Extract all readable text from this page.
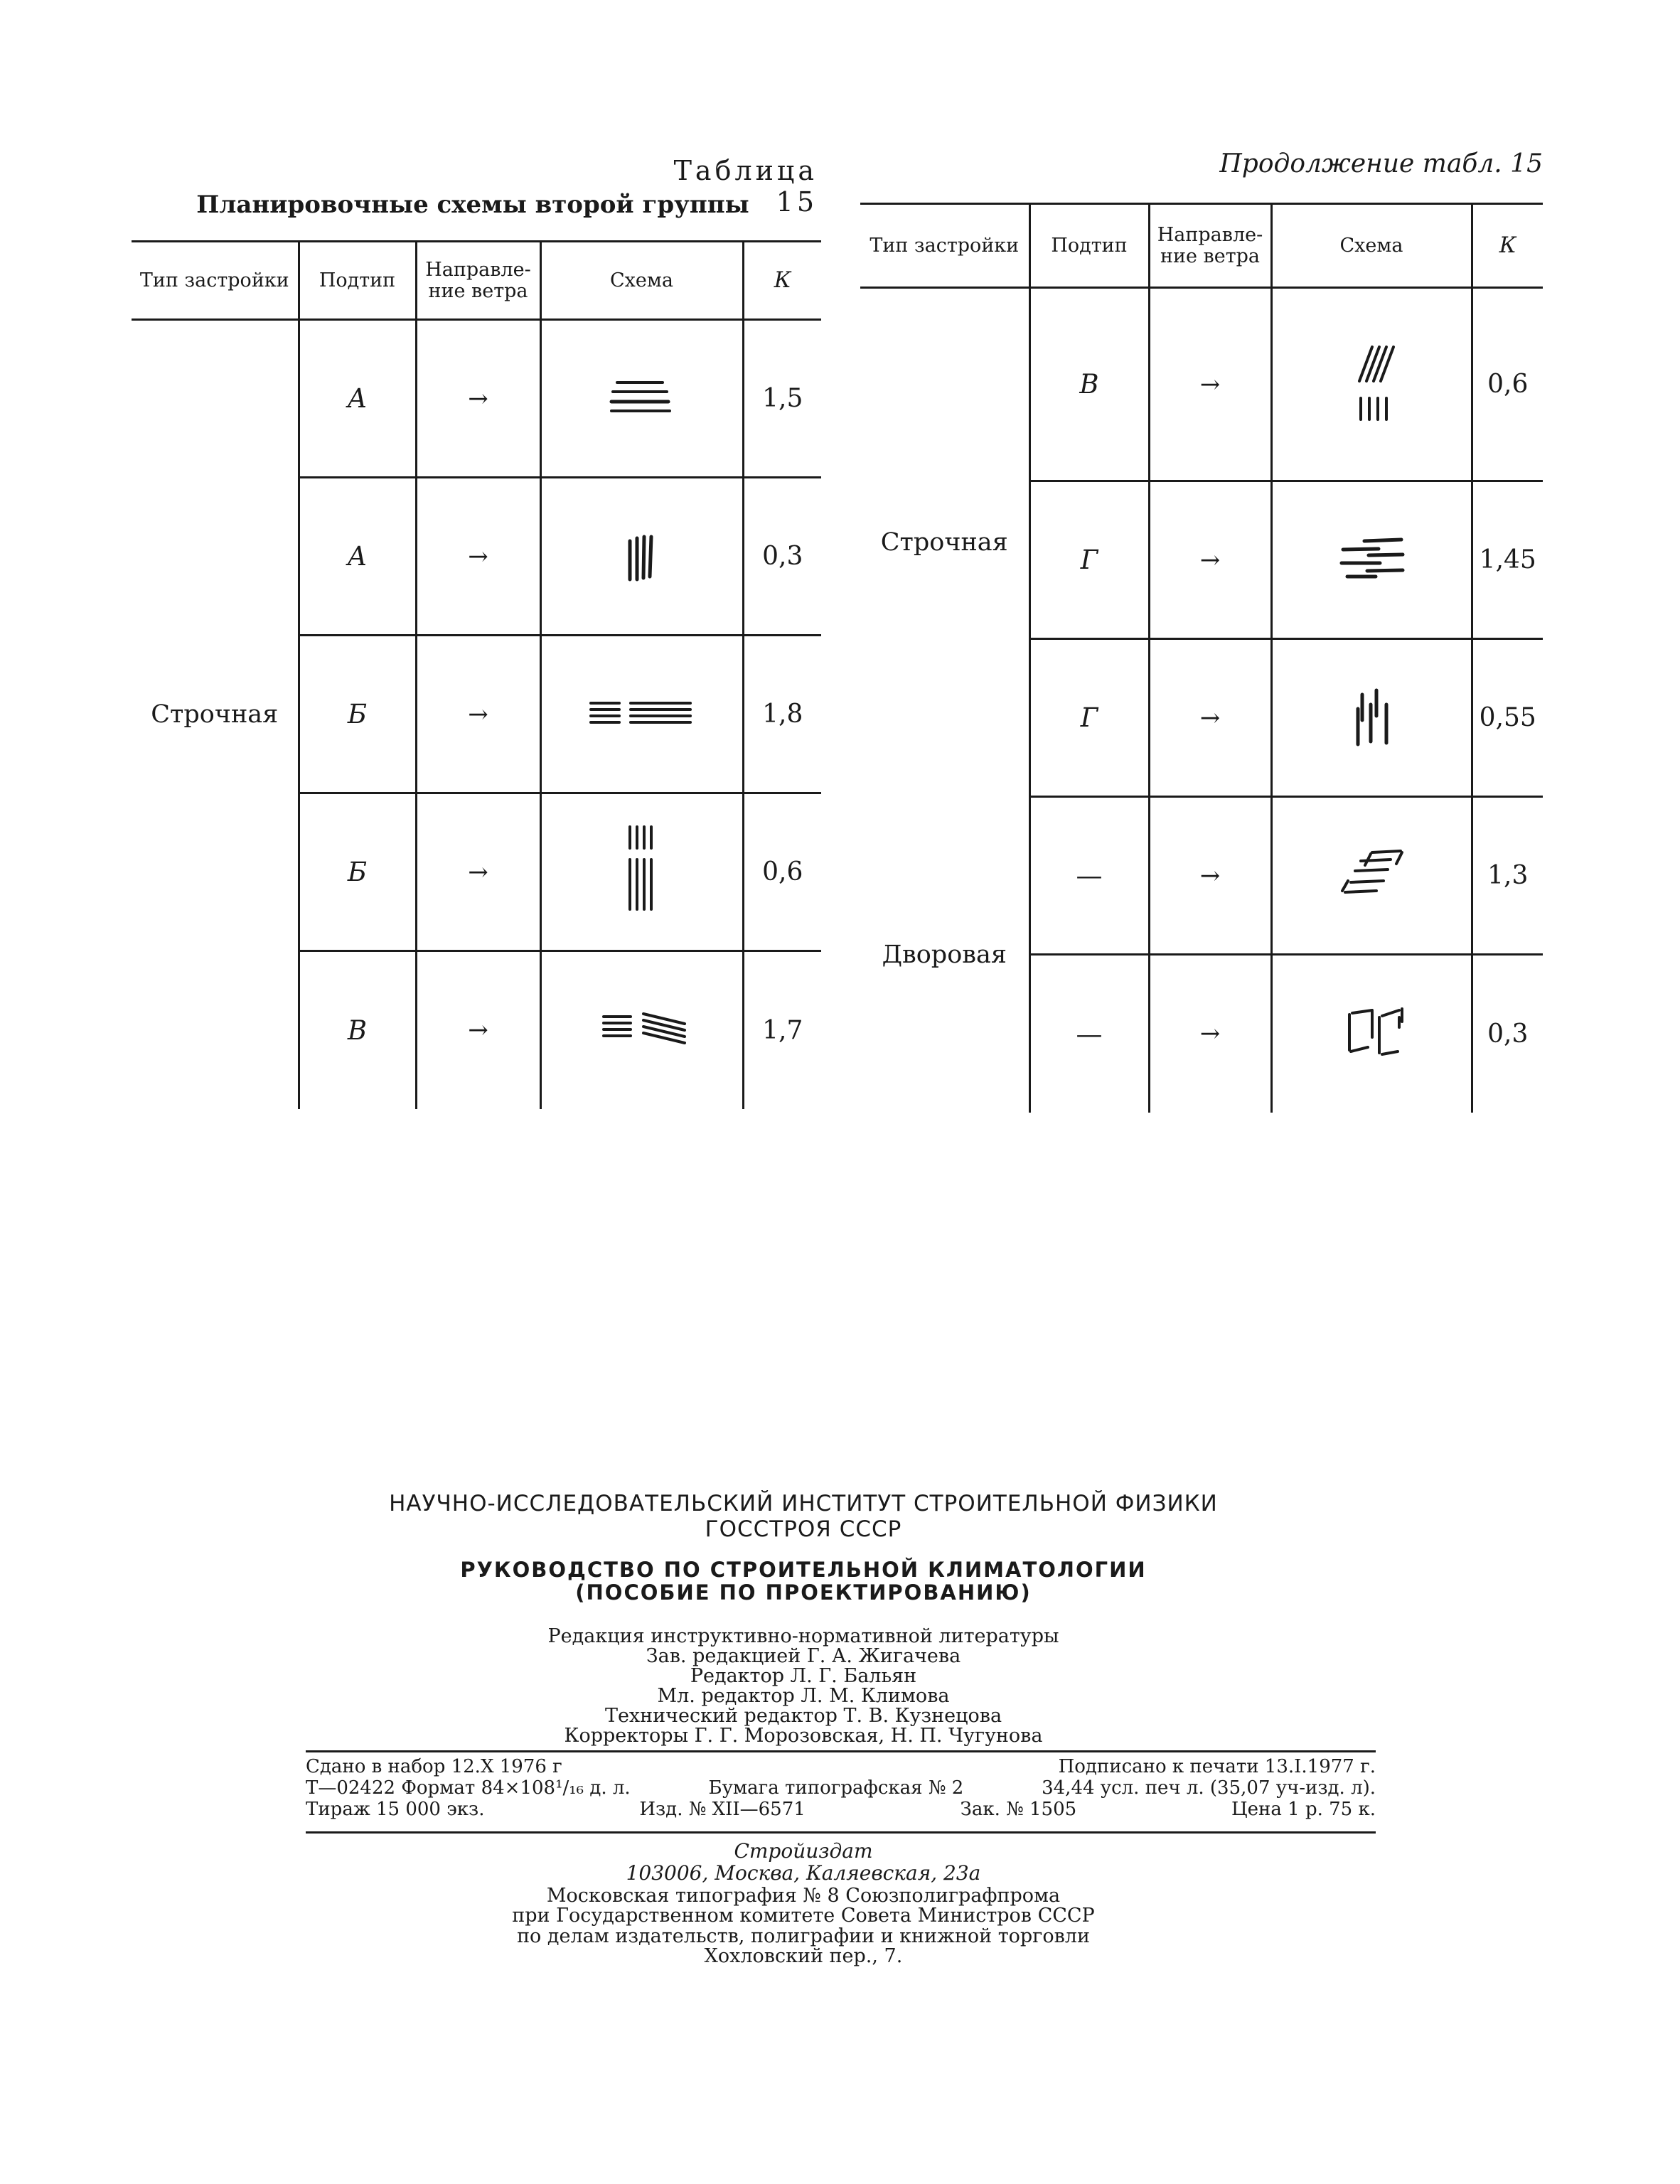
Таблица 15
Планировочные схемы второй группы
Тип застройки	Подтип	Направле-
ние ветра	Схема	К
Строчная	А	→		1,5
	А	→		0,3
	Б	→		1,8
	Б	→		0,6
	В	→		1,7
Продолжение табл. 15
Тип застройки	Подтип	Направле-
ние ветра	Схема	К
Строчная	В	→		0,6
	Г	→		1,45
	Г	→		0,55
Дворовая	—	→		1,3
	—	→		0,3
НАУЧНО-ИССЛЕДОВАТЕЛЬСКИЙ ИНСТИТУТ СТРОИТЕЛЬНОЙ ФИЗИКИ
ГОССТРОЯ СССР
РУКОВОДСТВО ПО СТРОИТЕЛЬНОЙ КЛИМАТОЛОГИИ
(ПОСОБИЕ ПО ПРОЕКТИРОВАНИЮ)
Редакция инструктивно-нормативной литературы
Зав. редакцией Г. А. Жигачева
Редактор Л. Г. Бальян
Мл. редактор Л. М. Климова
Технический редактор Т. В. Кузнецова
Корректоры Г. Г. Морозовская, Н. П. Чугунова
Сдано в набор 12.Х 1976 г	Подписано к печати 13.I.1977 г.
Т—02422 Формат 84×108¹/₁₆ д. л.	Бумага типографская № 2	34,44 усл. печ л. (35,07 уч-изд. л).
Тираж 15 000 экз.	Изд. № XII—6571	Зак. № 1505	Цена 1 р. 75 к.
Стройиздат
103006, Москва, Каляевская, 23а
Московская типография № 8 Союзполиграфпрома
при Государственном комитете Совета Министров СССР
по делам издательств, полиграфии и книжной торговли
Хохловский пер., 7.
